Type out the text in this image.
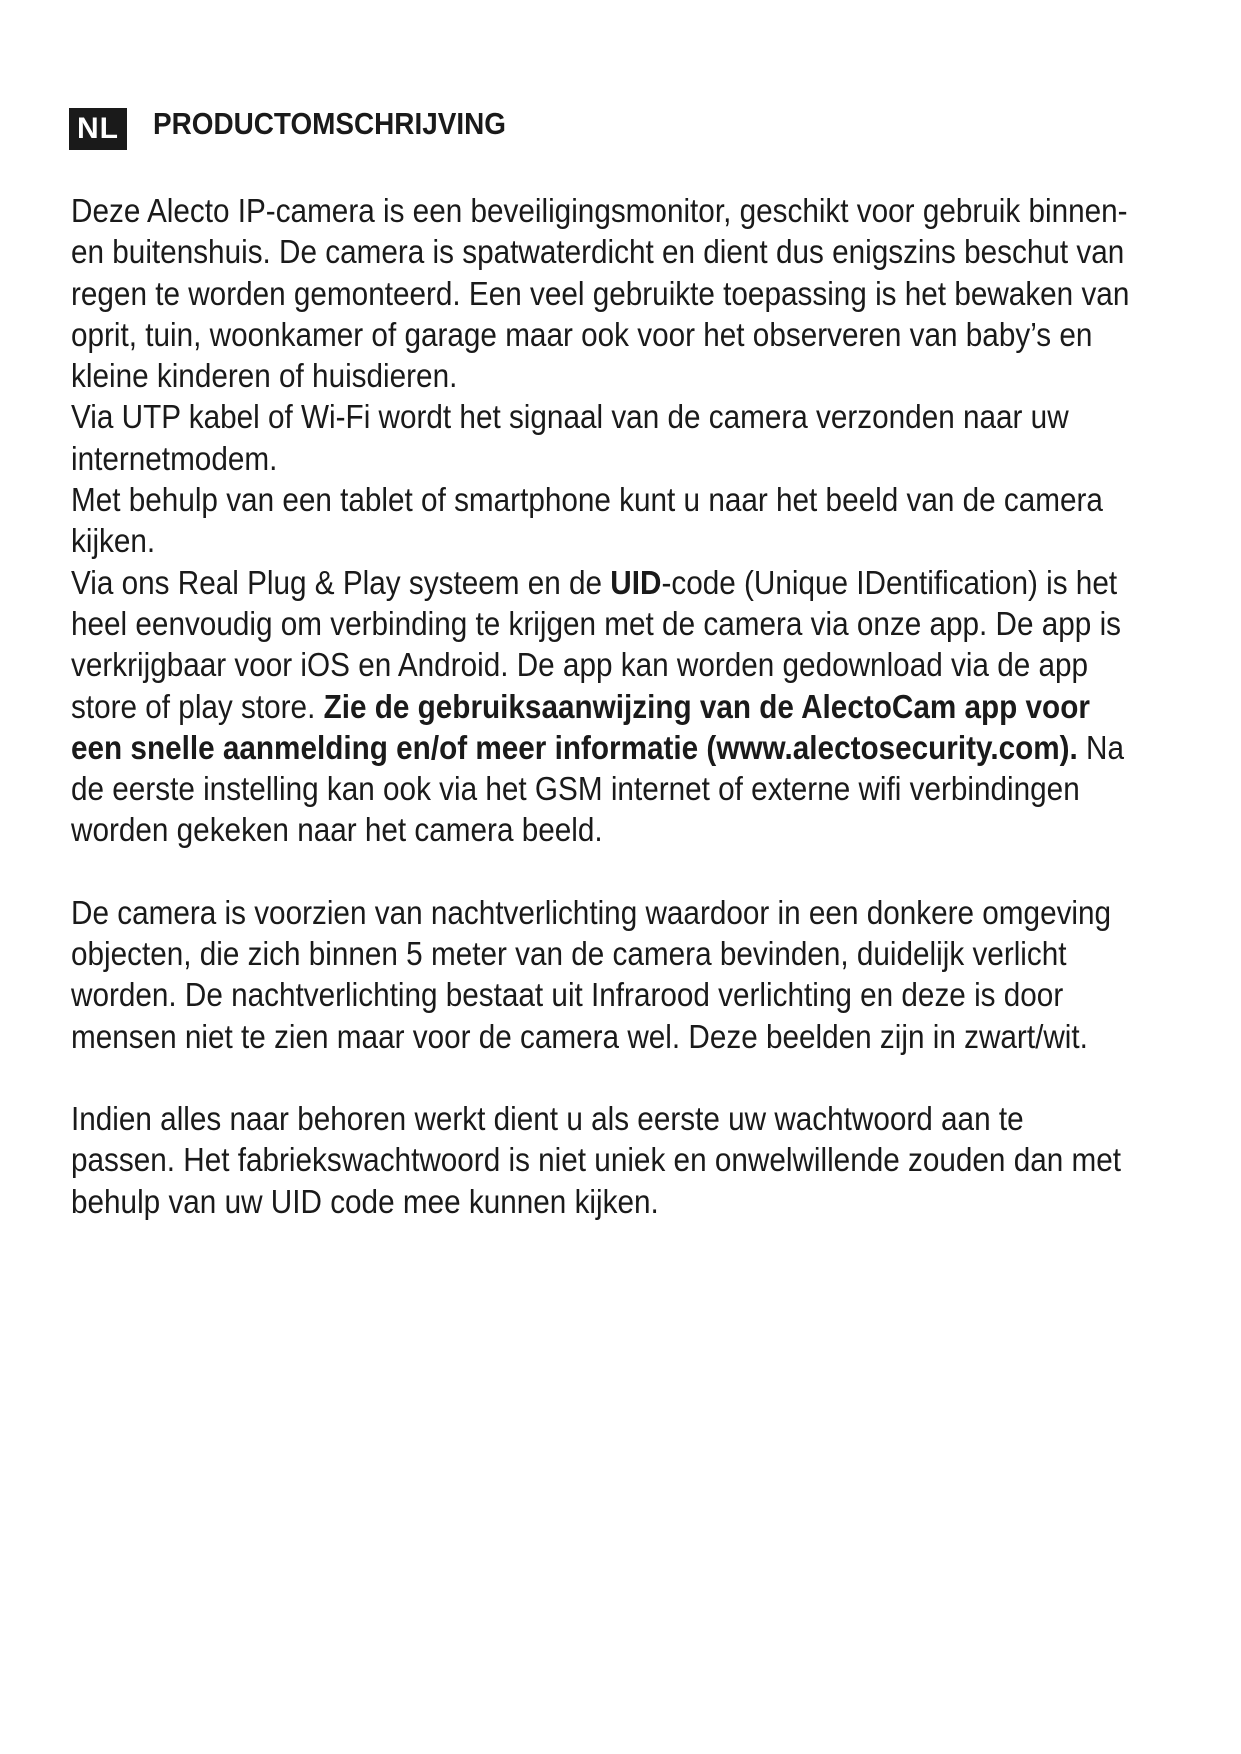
NL PRODUCTOMSCHRIJVING

Deze Alecto IP-camera is een beveiligingsmonitor, geschikt voor gebruik binnen-en buitenshuis. De camera is spatwaterdicht en dient dus enigszins beschut van regen te worden gemonteerd. Een veel gebruikte toepassing is het bewaken van oprit, tuin, woonkamer of garage maar ook voor het observeren van baby’s en kleine kinderen of huisdieren.

Via UTP kabel of Wi-Fi wordt het signaal van de camera verzonden naar uw internetmodem.

Met behulp van een tablet of smartphone kunt u naar het beeld van de camera kijken.

Via ons Real Plug & Play systeem en de UID-code (Unique IDentification) is het heel eenvoudig om verbinding te krijgen met de camera via onze app. De app is verkrijgbaar voor iOS en Android. De app kan worden gedownload via de app store of play store. Zie de gebruiksaanwijzing van de AlectoCam app voor een snelle aanmelding en/of meer informatie (www.alectosecurity.com). Na de eerste instelling kan ook via het GSM internet of externe wifi verbindingen worden gekeken naar het camera beeld.

De camera is voorzien van nachtverlichting waardoor in een donkere omgeving objecten, die zich binnen 5 meter van de camera bevinden, duidelijk verlicht worden. De nachtverlichting bestaat uit Infrarood verlichting en deze is door mensen niet te zien maar voor de camera wel. Deze beelden zijn in zwart/wit.

Indien alles naar behoren werkt dient u als eerste uw wachtwoord aan te passen. Het fabriekswachtwoord is niet uniek en onwelwillende zouden dan met behulp van uw UID code mee kunnen kijken.
